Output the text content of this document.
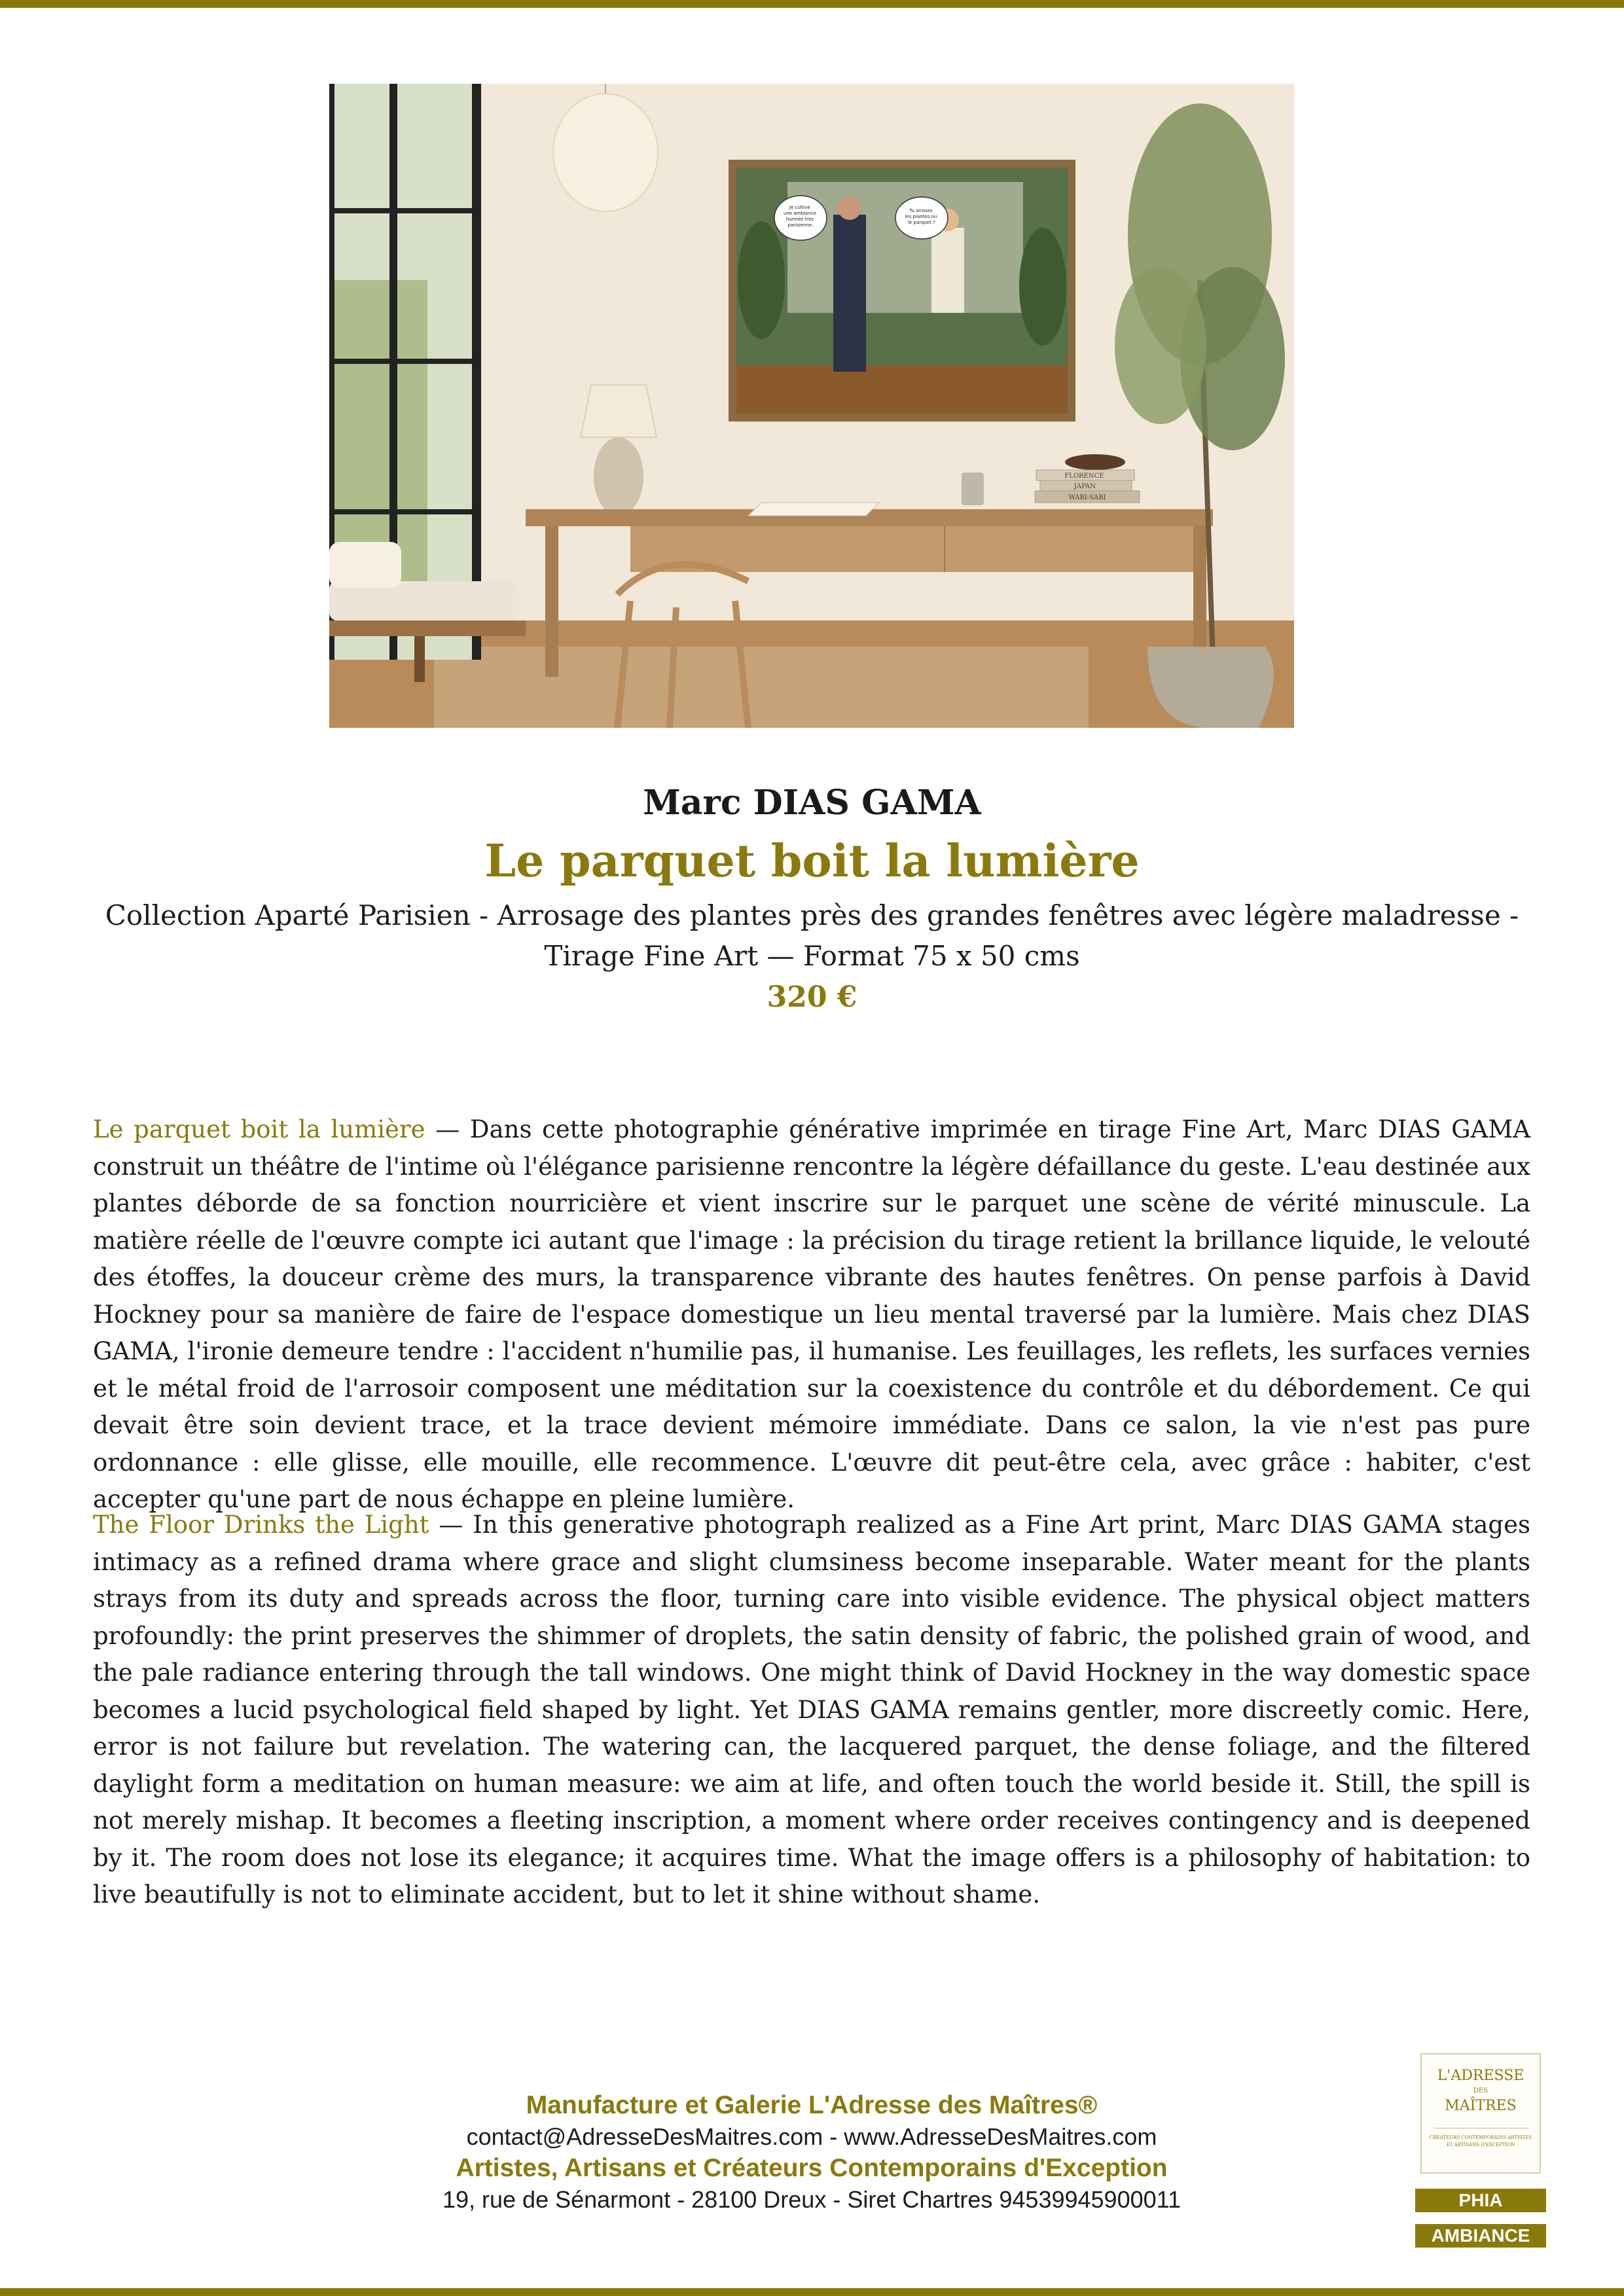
Je cultive une ambiance humide très parisienne.
Tu arroses les plantes ou le parquet ?
FLORENCE JAPAN WABI-SABI
Marc DIAS GAMA
Le parquet boit la lumière
Collection Aparté Parisien - Arrosage des plantes près des grandes fenêtres avec légère maladresse - Tirage Fine Art — Format 75 x 50 cms
320 €

Le parquet boit la lumière — Dans cette photographie générative imprimée en tirage Fine Art, Marc DIAS GAMA construit un théâtre de l'intime où l'élégance parisienne rencontre la légère défaillance du geste. L'eau destinée aux plantes déborde de sa fonction nourricière et vient inscrire sur le parquet une scène de vérité minuscule. La matière réelle de l'œuvre compte ici autant que l'image : la précision du tirage retient la brillance liquide, le velouté des étoffes, la douceur crème des murs, la transparence vibrante des hautes fenêtres. On pense parfois à David Hockney pour sa manière de faire de l'espace domestique un lieu mental traversé par la lumière. Mais chez DIAS GAMA, l'ironie demeure tendre : l'accident n'humilie pas, il humanise. Les feuillages, les reflets, les surfaces vernies et le métal froid de l'arrosoir composent une méditation sur la coexistence du contrôle et du débordement. Ce qui devait être soin devient trace, et la trace devient mémoire immédiate. Dans ce salon, la vie n'est pas pure ordonnance : elle glisse, elle mouille, elle recommence. L'œuvre dit peut-être cela, avec grâce : habiter, c'est accepter qu'une part de nous échappe en pleine lumière.

The Floor Drinks the Light — In this generative photograph realized as a Fine Art print, Marc DIAS GAMA stages intimacy as a refined drama where grace and slight clumsiness become inseparable. Water meant for the plants strays from its duty and spreads across the floor, turning care into visible evidence. The physical object matters profoundly: the print preserves the shimmer of droplets, the satin density of fabric, the polished grain of wood, and the pale radiance entering through the tall windows. One might think of David Hockney in the way domestic space becomes a lucid psychological field shaped by light. Yet DIAS GAMA remains gentler, more discreetly comic. Here, error is not failure but revelation. The watering can, the lacquered parquet, the dense foliage, and the filtered daylight form a meditation on human measure: we aim at life, and often touch the world beside it. Still, the spill is not merely mishap. It becomes a fleeting inscription, a moment where order receives contingency and is deepened by it. The room does not lose its elegance; it acquires time. What the image offers is a philosophy of habitation: to live beautifully is not to eliminate accident, but to let it shine without shame.

Manufacture et Galerie L'Adresse des Maîtres®
contact@AdresseDesMaitres.com - www.AdresseDesMaitres.com
Artistes, Artisans et Créateurs Contemporains d'Exception
19, rue de Sénarmont - 28100 Dreux - Siret Chartres 94539945900011
L'ADRESSE
DES
MAÎTRES
CRÉATEURS CONTEMPORAINS ARTISTES ET ARTISANS D'EXCEPTION
PHIA
AMBIANCE
